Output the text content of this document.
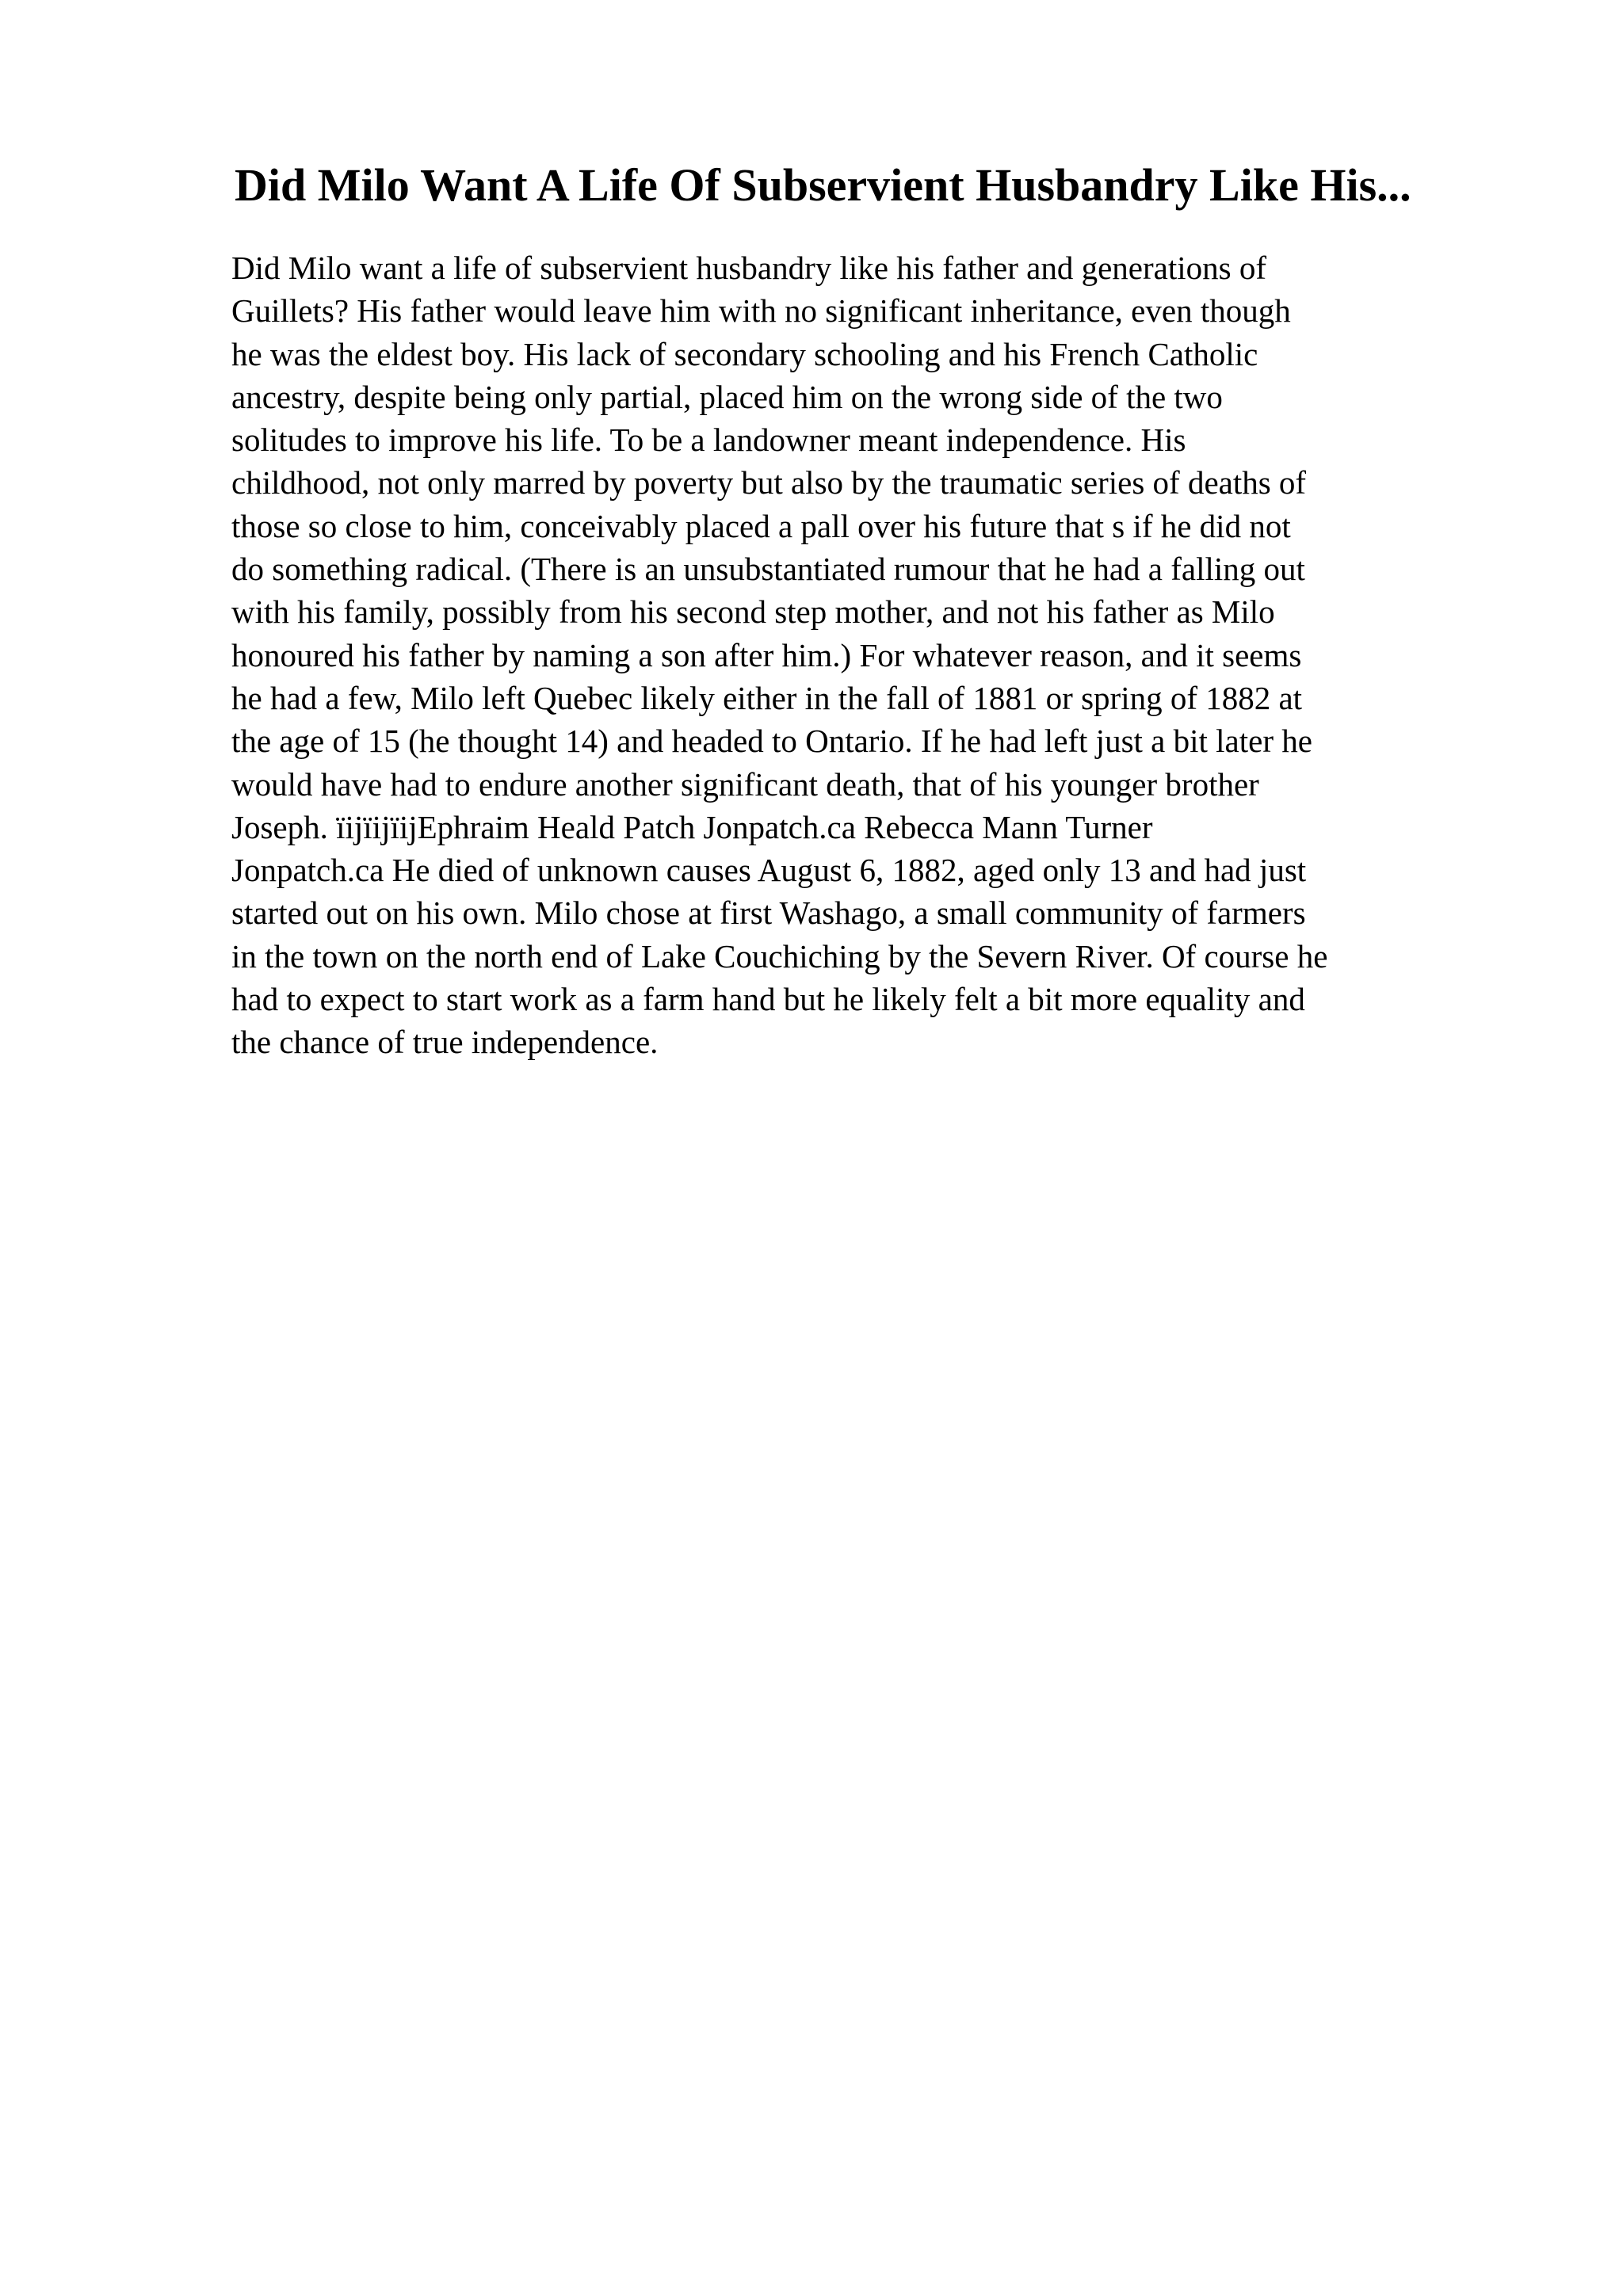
Did Milo Want A Life Of Subservient Husbandry Like His...

Did Milo want a life of subservient husbandry like his father and generations of
Guillets? His father would leave him with no significant inheritance, even though
he was the eldest boy. His lack of secondary schooling and his French Catholic
ancestry, despite being only partial, placed him on the wrong side of the two
solitudes to improve his life. To be a landowner meant independence. His
childhood, not only marred by poverty but also by the traumatic series of deaths of
those so close to him, conceivably placed a pall over his future that s if he did not
do something radical. (There is an unsubstantiated rumour that he had a falling out
with his family, possibly from his second step mother, and not his father as Milo
honoured his father by naming a son after him.) For whatever reason, and it seems
he had a few, Milo left Quebec likely either in the fall of 1881 or spring of 1882 at
the age of 15 (he thought 14) and headed to Ontario. If he had left just a bit later he
would have had to endure another significant death, that of his younger brother
Joseph. ïijïijïijEphraim Heald Patch Jonpatch.ca Rebecca Mann Turner
Jonpatch.ca He died of unknown causes August 6, 1882, aged only 13 and had just
started out on his own. Milo chose at first Washago, a small community of farmers
in the town on the north end of Lake Couchiching by the Severn River. Of course he
had to expect to start work as a farm hand but he likely felt a bit more equality and
the chance of true independence.
